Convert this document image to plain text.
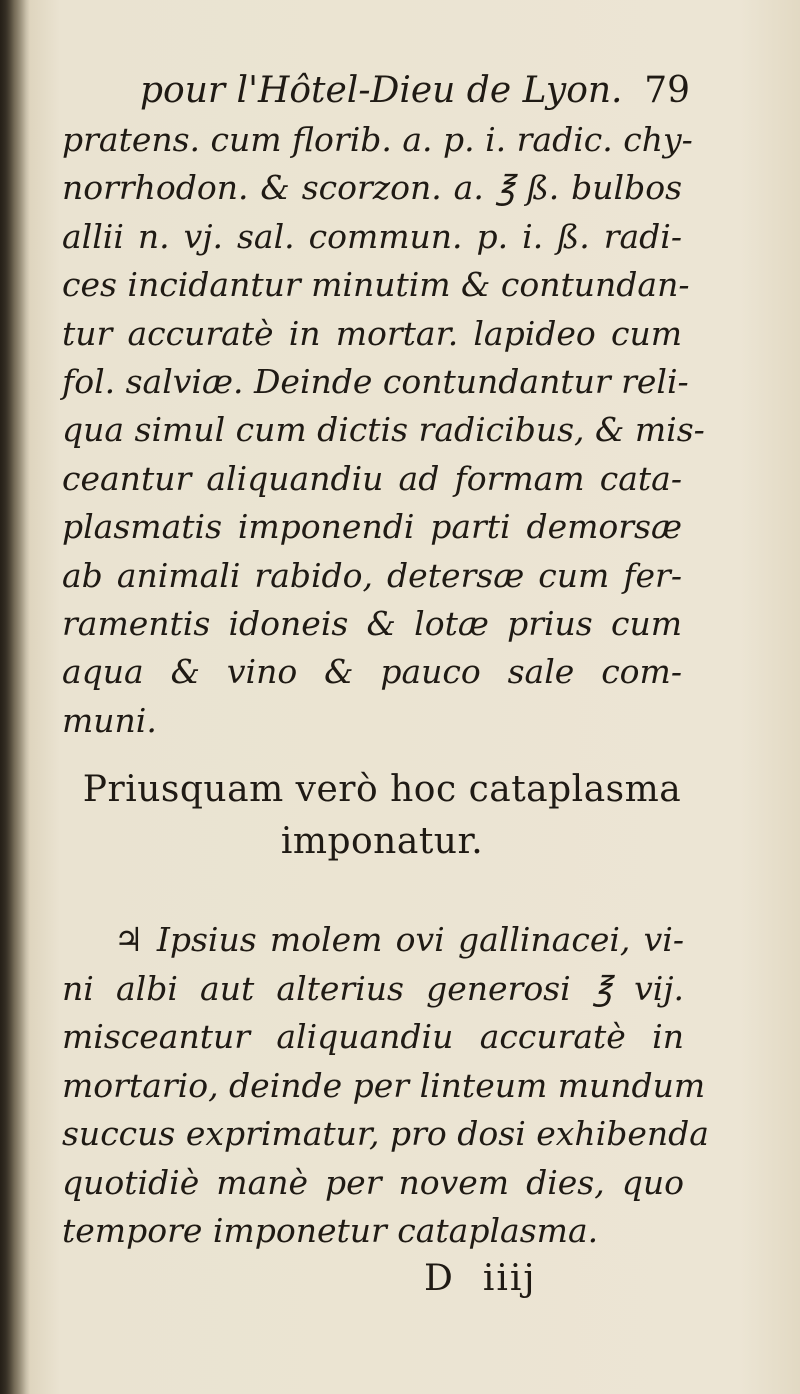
pour l'Hôtel-Dieu de Lyon. 79

pratens. cum florib. a. p. i. radic. chy-
norrhodon. & scorzon. a. ℥ ß. bulbos
allii n. vj. sal. commun. p. i. ß. radi-
ces incidantur minutim & contundan-
tur accuratè in mortar. lapideo cum
fol. salviæ. Deinde contundantur reli-
qua simul cum dictis radicibus, & mis-
ceantur aliquandiu ad formam cata-
plasmatis imponendi parti demorsæ
ab animali rabido, detersæ cum fer-
ramentis idoneis & lotæ prius cum
aqua & vino & pauco sale com-
muni.

Priusquam verò hoc cataplasma
imponatur.

♃ Ipsius molem ovi gallinacei, vi-
ni albi aut alterius generosi ℥ vij.
misceantur aliquandiu accuratè in
mortario, deinde per linteum mundum
succus exprimatur, pro dosi exhibenda
quotidiè manè per novem dies, quo
tempore imponetur cataplasma.

D iiij
